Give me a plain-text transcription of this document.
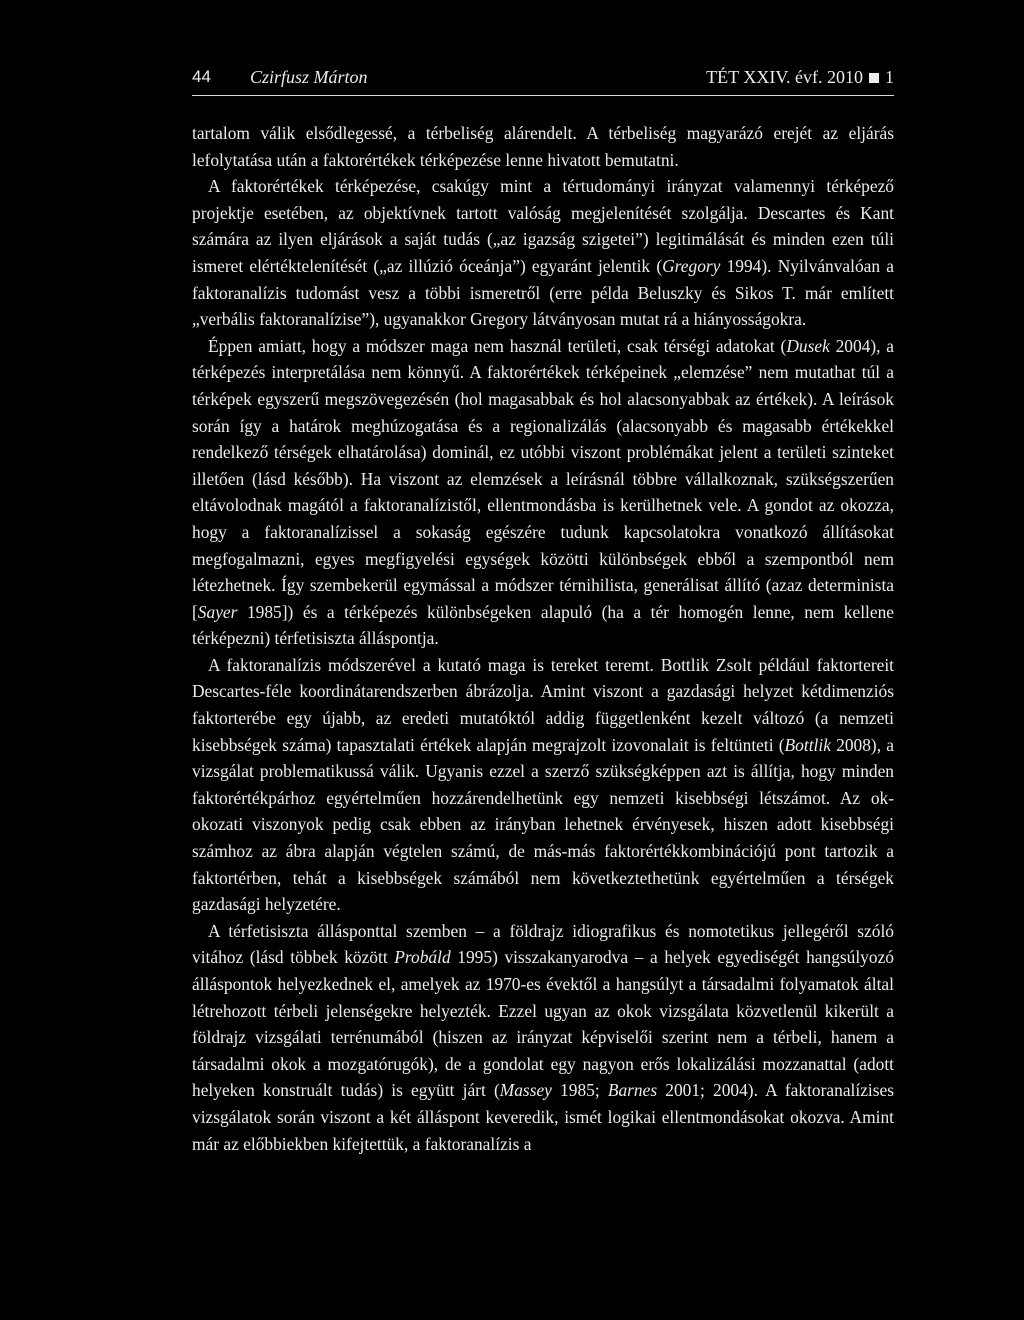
44 Czirfusz Márton	TÉT XXIV. évf. 2010 1

tartalom válik elsődlegessé, a térbeliség alárendelt. A térbeliség magyarázó erejét az eljárás lefolytatása után a faktorértékek térképezése lenne hivatott bemutatni.

A faktorértékek térképezése, csakúgy mint a tértudományi irányzat valamennyi térképező projektje esetében, az objektívnek tartott valóság megjelenítését szolgálja. Descartes és Kant számára az ilyen eljárások a saját tudás („az igazság szigetei”) legitimálását és minden ezen túli ismeret elértéktelenítését („az illúzió óceánja”) egyaránt jelentik (Gregory 1994). Nyilvánvalóan a faktoranalízis tudomást vesz a többi ismeretről (erre példa Beluszky és Sikos T. már említett „verbális faktoranalízise”), ugyanakkor Gregory látványosan mutat rá a hiányosságokra.

Éppen amiatt, hogy a módszer maga nem használ területi, csak térségi adatokat (Dusek 2004), a térképezés interpretálása nem könnyű. A faktorértékek térképeinek „elemzése” nem mutathat túl a térképek egyszerű megszövegezésén (hol magasabbak és hol alacsonyabbak az értékek). A leírások során így a határok meghúzogatása és a regionalizálás (alacsonyabb és magasabb értékekkel rendelkező térségek elhatárolása) dominál, ez utóbbi viszont problémákat jelent a területi szinteket illetően (lásd később). Ha viszont az elemzések a leírásnál többre vállalkoznak, szükségszerűen eltávolodnak magától a faktoranalízistől, ellentmondásba is kerülhetnek vele. A gondot az okozza, hogy a faktoranalízissel a sokaság egészére tudunk kapcsolatokra vonatkozó állításokat megfogalmazni, egyes megfigyelési egységek közötti különbségek ebből a szempontból nem létezhetnek. Így szembekerül egymással a módszer térnihilista, generálisat állító (azaz determinista [Sayer 1985]) és a térképezés különbségeken alapuló (ha a tér homogén lenne, nem kellene térképezni) térfetisiszta álláspontja.

A faktoranalízis módszerével a kutató maga is tereket teremt. Bottlik Zsolt például faktortereit Descartes-féle koordinátarendszerben ábrázolja. Amint viszont a gazdasági helyzet kétdimenziós faktorterébe egy újabb, az eredeti mutatóktól addig függetlenként kezelt változó (a nemzeti kisebbségek száma) tapasztalati értékek alapján megrajzolt izovonalait is feltünteti (Bottlik 2008), a vizsgálat problematikussá válik. Ugyanis ezzel a szerző szükségképpen azt is állítja, hogy minden faktorértékpárhoz egyértelműen hozzárendelhetünk egy nemzeti kisebbségi létszámot. Az ok-okozati viszonyok pedig csak ebben az irányban lehetnek érvényesek, hiszen adott kisebbségi számhoz az ábra alapján végtelen számú, de más-más faktorértékkombinációjú pont tartozik a faktortérben, tehát a kisebbségek számából nem következtethetünk egyértelműen a térségek gazdasági helyzetére.

A térfetisiszta állásponttal szemben – a földrajz idiografikus és nomotetikus jellegéről szóló vitához (lásd többek között Probáld 1995) visszakanyarodva – a helyek egyediségét hangsúlyozó álláspontok helyezkednek el, amelyek az 1970-es évektől a hangsúlyt a társadalmi folyamatok által létrehozott térbeli jelenségekre helyezték. Ezzel ugyan az okok vizsgálata közvetlenül kikerült a földrajz vizsgálati terrénumából (hiszen az irányzat képviselői szerint nem a térbeli, hanem a társadalmi okok a mozgatórugók), de a gondolat egy nagyon erős lokalizálási mozzanattal (adott helyeken konstruált tudás) is együtt járt (Massey 1985; Barnes 2001; 2004). A faktoranalízises vizsgálatok során viszont a két álláspont keveredik, ismét logikai ellentmondásokat okozva. Amint már az előbbiekben kifejtettük, a faktoranalízis a
